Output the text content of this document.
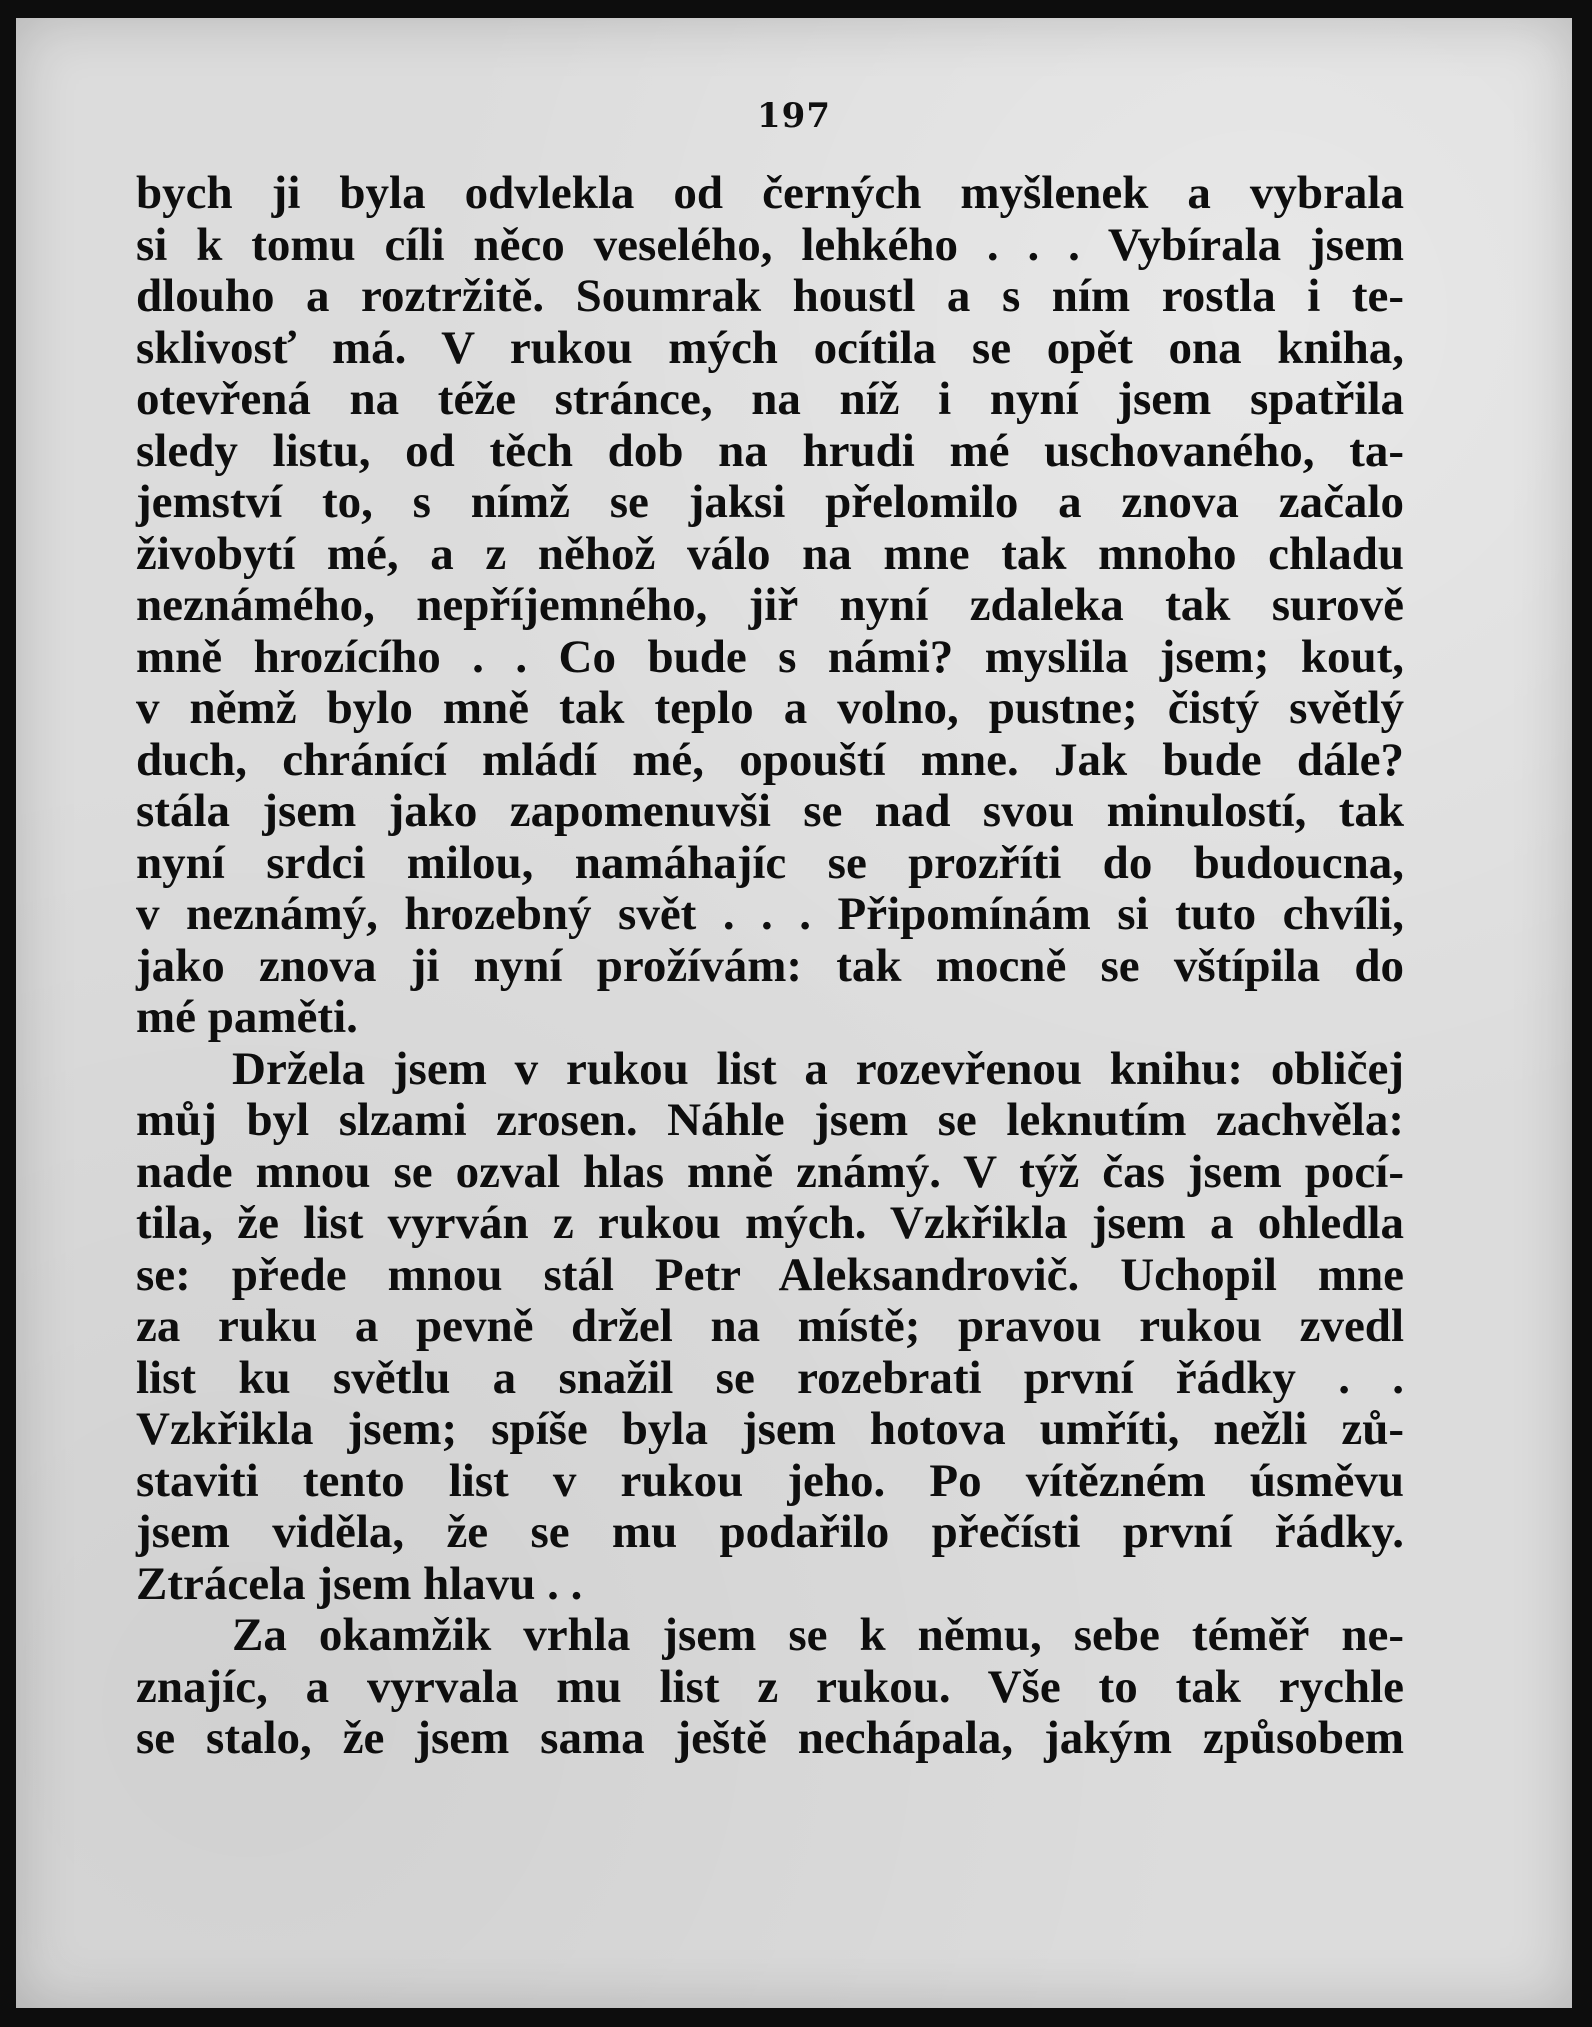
197
bych ji byla odvlekla od černých myšlenek a vybrala
si k tomu cíli něco veselého, lehkého . . . Vybírala jsem
dlouho a roztržitě. Soumrak houstl a s ním rostla i te-
sklivosť má. V rukou mých ocítila se opět ona kniha,
otevřená na téže stránce, na níž i nyní jsem spatřila
sledy listu, od těch dob na hrudi mé uschovaného, ta-
jemství to, s nímž se jaksi přelomilo a znova začalo
živobytí mé, a z něhož válo na mne tak mnoho chladu
neznámého, nepříjemného, jiř nyní zdaleka tak surově
mně hrozícího . . Co bude s námi? myslila jsem; kout,
v němž bylo mně tak teplo a volno, pustne; čistý světlý
duch, chránící mládí mé, opouští mne. Jak bude dále?
stála jsem jako zapomenuvši se nad svou minulostí, tak
nyní srdci milou, namáhajíc se prozříti do budoucna,
v neznámý, hrozebný svět . . . Připomínám si tuto chvíli,
jako znova ji nyní prožívám: tak mocně se vštípila do
mé paměti.
Držela jsem v rukou list a rozevřenou knihu: obličej
můj byl slzami zrosen. Náhle jsem se leknutím zachvěla:
nade mnou se ozval hlas mně známý. V týž čas jsem pocí-
tila, že list vyrván z rukou mých. Vzkřikla jsem a ohledla
se: přede mnou stál Petr Aleksandrovič. Uchopil mne
za ruku a pevně držel na místě; pravou rukou zvedl
list ku světlu a snažil se rozebrati první řádky . .
Vzkřikla jsem; spíše byla jsem hotova umříti, nežli zů-
staviti tento list v rukou jeho. Po vítězném úsměvu
jsem viděla, že se mu podařilo přečísti první řádky.
Ztrácela jsem hlavu . .
Za okamžik vrhla jsem se k němu, sebe téměř ne-
znajíc, a vyrvala mu list z rukou. Vše to tak rychle
se stalo, že jsem sama ještě nechápala, jakým způsobem
